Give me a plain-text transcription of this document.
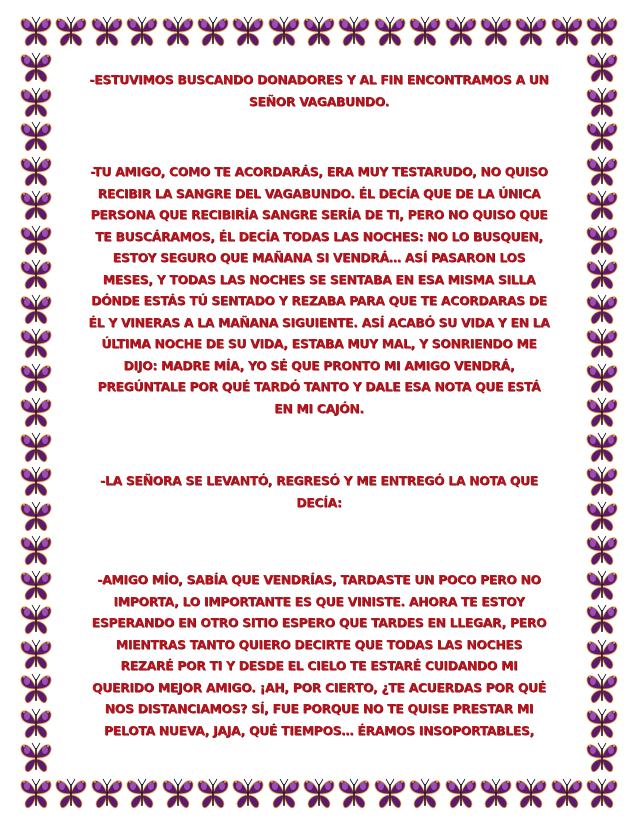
-ESTUVIMOS BUSCANDO DONADORES Y AL FIN ENCONTRAMOS A UN SEÑOR VAGABUNDO.

-TU AMIGO, COMO TE ACORDARÁS, ERA MUY TESTARUDO, NO QUISO RECIBIR LA SANGRE DEL VAGABUNDO. ÉL DECÍA QUE DE LA ÚNICA PERSONA QUE RECIBIRÍA SANGRE SERÍA DE TI, PERO NO QUISO QUE TE BUSCÁRAMOS, ÉL DECÍA TODAS LAS NOCHES: NO LO BUSQUEN, ESTOY SEGURO QUE MAÑANA SI VENDRÁ… ASÍ PASARON LOS MESES, Y TODAS LAS NOCHES SE SENTABA EN ESA MISMA SILLA DÓNDE ESTÁS TÚ SENTADO Y REZABA PARA QUE TE ACORDARAS DE ÉL Y VINERAS A LA MAÑANA SIGUIENTE. ASÍ ACABÓ SU VIDA Y EN LA ÚLTIMA NOCHE DE SU VIDA, ESTABA MUY MAL, Y SONRIENDO ME DIJO: MADRE MÍA, YO SÉ QUE PRONTO MI AMIGO VENDRÁ, PREGÚNTALE POR QUÉ TARDÓ TANTO Y DALE ESA NOTA QUE ESTÁ EN MI CAJÓN.

-LA SEÑORA SE LEVANTÓ, REGRESÓ Y ME ENTREGÓ LA NOTA QUE DECÍA:

-AMIGO MÍO, SABÍA QUE VENDRÍAS, TARDASTE UN POCO PERO NO IMPORTA, LO IMPORTANTE ES QUE VINISTE. AHORA TE ESTOY ESPERANDO EN OTRO SITIO ESPERO QUE TARDES EN LLEGAR, PERO MIENTRAS TANTO QUIERO DECIRTE QUE TODAS LAS NOCHES REZARÉ POR TI Y DESDE EL CIELO TE ESTARÉ CUIDANDO MI QUERIDO MEJOR AMIGO. ¡AH, POR CIERTO, ¿TE ACUERDAS POR QUÉ NOS DISTANCIAMOS? SÍ, FUE PORQUE NO TE QUISE PRESTAR MI PELOTA NUEVA, JAJA, QUÉ TIEMPOS… ÉRAMOS INSOPORTABLES,
